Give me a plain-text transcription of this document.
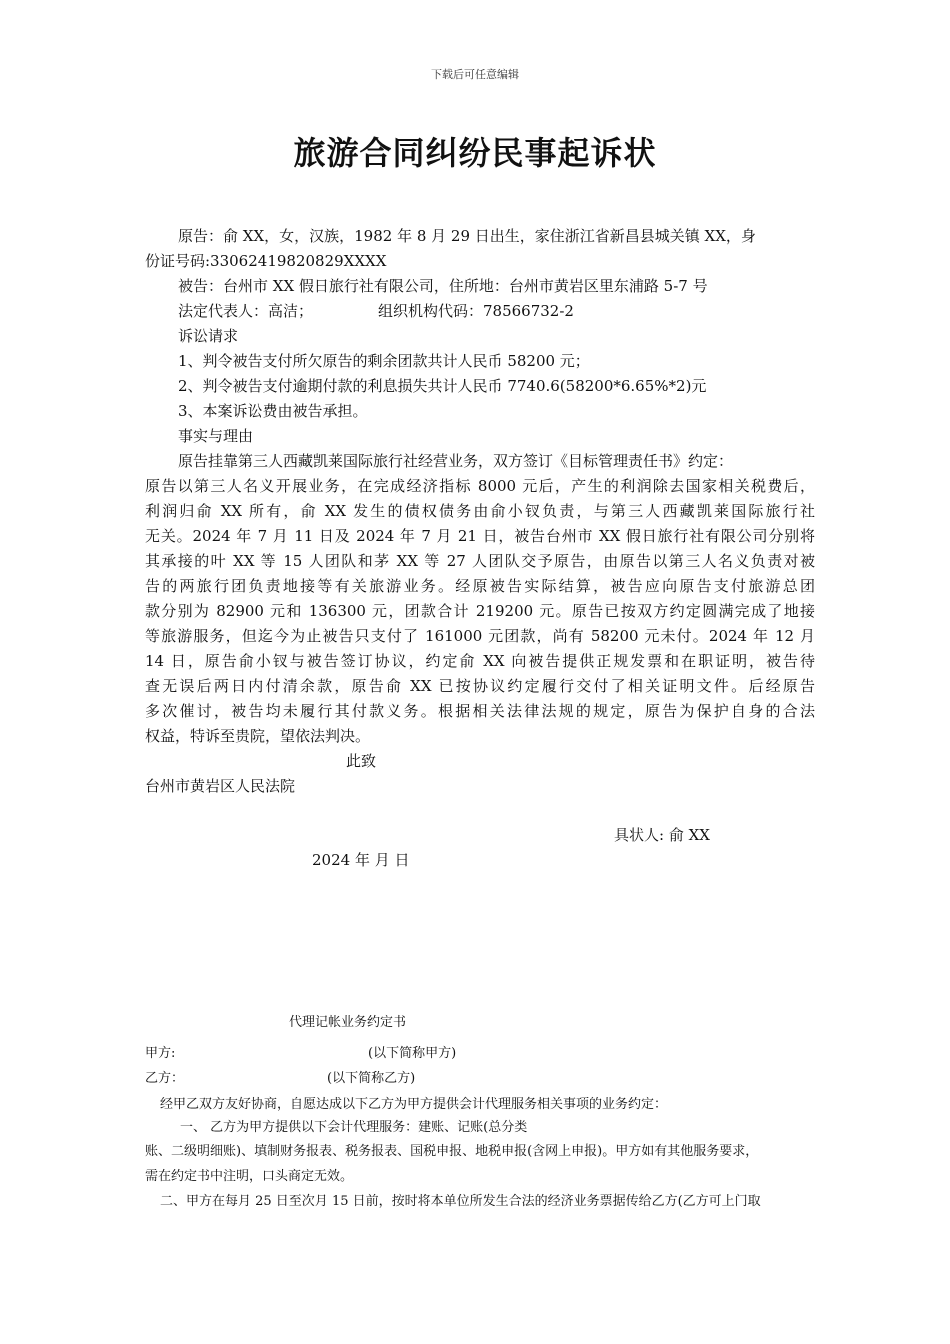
下载后可任意编辑
旅游合同纠纷民事起诉状
原告：俞 XX，女，汉族，1982 年 8 月 29 日出生，家住浙江省新昌县城关镇 XX，身
份证号码:33062419820829XXXX
被告：台州市 XX 假日旅行社有限公司，住所地：台州市黄岩区里东浦路 5-7 号
法定代表人：高洁；	组织机构代码：78566732-2
诉讼请求
1、判令被告支付所欠原告的剩余团款共计人民币 58200 元；
2、判令被告支付逾期付款的利息损失共计人民币 7740.6(58200*6.65%*2)元
3、本案诉讼费由被告承担。
事实与理由
原告挂靠第三人西藏凯莱国际旅行社经营业务，双方签订《目标管理责任书》约定：
原告以第三人名义开展业务，在完成经济指标 8000 元后，产生的利润除去国家相关税费后，
利润归俞 XX 所有，俞 XX 发生的债权债务由俞小钗负责，与第三人西藏凯莱国际旅行社
无关。2024 年 7 月 11 日及 2024 年 7 月 21 日，被告台州市 XX 假日旅行社有限公司分别将
其承接的叶 XX 等 15 人团队和茅 XX 等 27 人团队交予原告，由原告以第三人名义负责对被
告的两旅行团负责地接等有关旅游业务。经原被告实际结算，被告应向原告支付旅游总团
款分别为 82900 元和 136300 元，团款合计 219200 元。原告已按双方约定圆满完成了地接
等旅游服务，但迄今为止被告只支付了 161000 元团款，尚有 58200 元未付。2024 年 12 月
14 日，原告俞小钗与被告签订协议，约定俞 XX 向被告提供正规发票和在职证明，被告待
查无误后两日内付清余款，原告俞 XX 已按协议约定履行交付了相关证明文件。后经原告
多次催讨，被告均未履行其付款义务。根据相关法律法规的规定，原告为保护自身的合法
权益，特诉至贵院，望依法判决。
此致
台州市黄岩区人民法院
具状人: 俞 XX
2024 年 月 日
代理记帐业务约定书
甲方:	(以下简称甲方)
乙方：	(以下简称乙方)
经甲乙双方友好协商，自愿达成以下乙方为甲方提供会计代理服务相关事项的业务约定：
一、 乙方为甲方提供以下会计代理服务：建账、记账(总分类
账、二级明细账)、填制财务报表、税务报表、国税申报、地税申报(含网上申报)。甲方如有其他服务要求，
需在约定书中注明，口头商定无效。
二、甲方在每月 25 日至次月 15 日前，按时将本单位所发生合法的经济业务票据传给乙方(乙方可上门取
